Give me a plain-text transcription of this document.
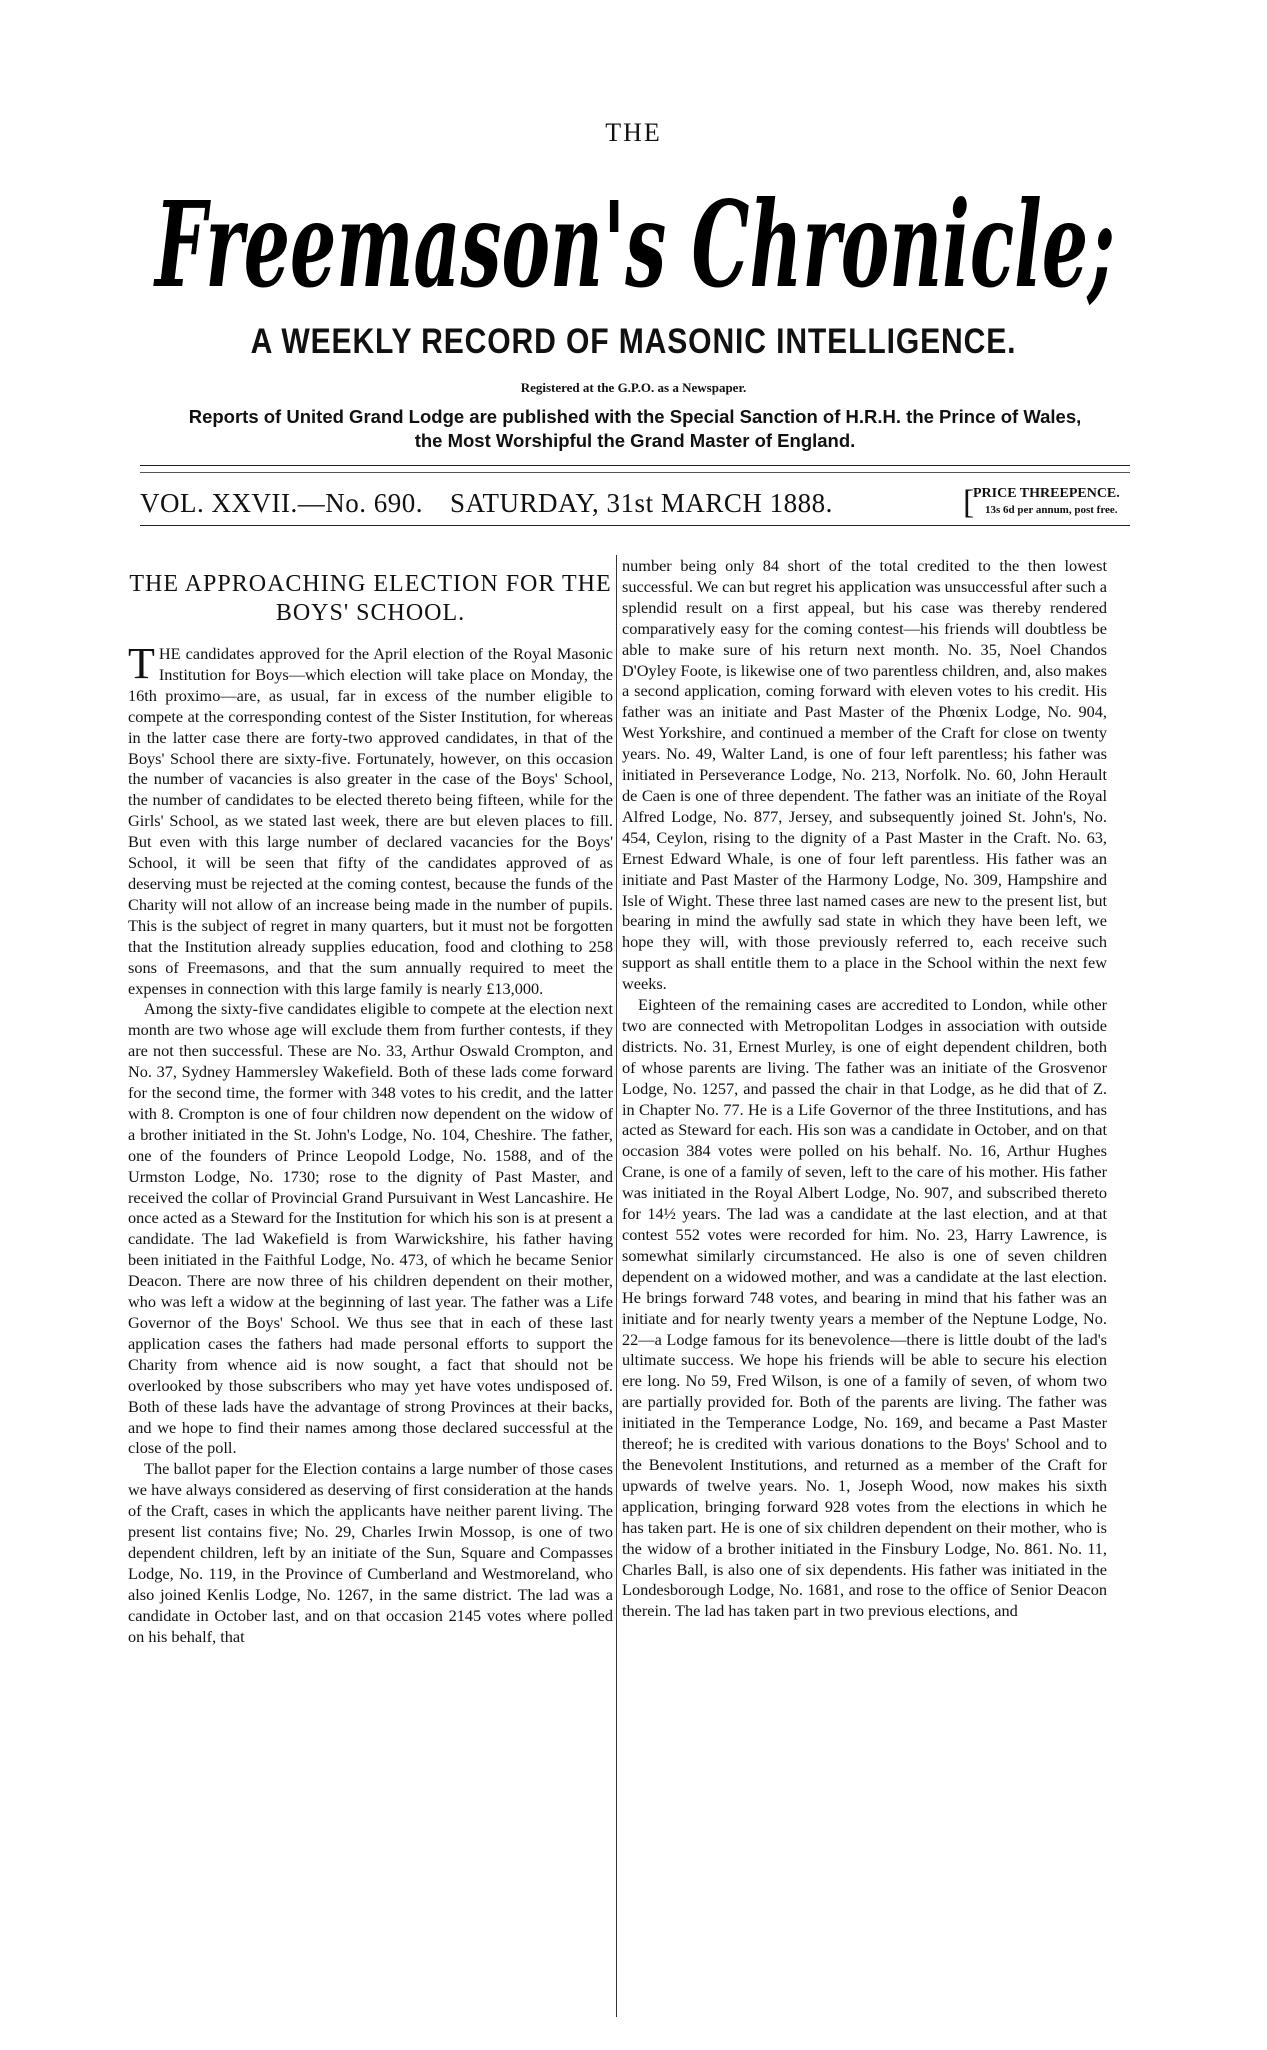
THE
Freemason's Chronicle;
A WEEKLY RECORD OF MASONIC INTELLIGENCE.
Registered at the G.P.O. as a Newspaper.
Reports of United Grand Lodge are published with the Special Sanction of H.R.H. the Prince of Wales,
the Most Worshipful the Grand Master of England.
VOL. XXVII.—No. 690. SATURDAY, 31st MARCH 1888.	[
PRICE THREEPENCE.
13s 6d per annum, post free.
THE APPROACHING ELECTION FOR THE BOYS' SCHOOL.

THE candidates approved for the April election of the Royal Masonic Institution for Boys—which election will take place on Monday, the 16th proximo—are, as usual, far in excess of the number eligible to compete at the corresponding contest of the Sister Institution, for whereas in the latter case there are forty-two approved candidates, in that of the Boys' School there are sixty-five. Fortunately, however, on this occasion the number of vacancies is also greater in the case of the Boys' School, the number of candidates to be elected thereto being fifteen, while for the Girls' School, as we stated last week, there are but eleven places to fill. But even with this large number of declared vacancies for the Boys' School, it will be seen that fifty of the candidates approved of as deserving must be rejected at the coming contest, because the funds of the Charity will not allow of an increase being made in the number of pupils. This is the subject of regret in many quarters, but it must not be forgotten that the Institution already supplies education, food and clothing to 258 sons of Freemasons, and that the sum annually required to meet the expenses in connection with this large family is nearly £13,000.

Among the sixty-five candidates eligible to compete at the election next month are two whose age will exclude them from further contests, if they are not then successful. These are No. 33, Arthur Oswald Crompton, and No. 37, Sydney Hammersley Wakefield. Both of these lads come forward for the second time, the former with 348 votes to his credit, and the latter with 8. Crompton is one of four children now dependent on the widow of a brother initiated in the St. John's Lodge, No. 104, Cheshire. The father, one of the founders of Prince Leopold Lodge, No. 1588, and of the Urmston Lodge, No. 1730; rose to the dignity of Past Master, and received the collar of Provincial Grand Pursuivant in West Lancashire. He once acted as a Steward for the Institution for which his son is at present a candidate. The lad Wakefield is from Warwickshire, his father having been initiated in the Faithful Lodge, No. 473, of which he became Senior Deacon. There are now three of his children dependent on their mother, who was left a widow at the beginning of last year. The father was a Life Governor of the Boys' School. We thus see that in each of these last application cases the fathers had made personal efforts to support the Charity from whence aid is now sought, a fact that should not be overlooked by those subscribers who may yet have votes undisposed of. Both of these lads have the advantage of strong Provinces at their backs, and we hope to find their names among those declared successful at the close of the poll.

The ballot paper for the Election contains a large number of those cases we have always considered as deserving of first consideration at the hands of the Craft, cases in which the applicants have neither parent living. The present list contains five; No. 29, Charles Irwin Mossop, is one of two dependent children, left by an initiate of the Sun, Square and Compasses Lodge, No. 119, in the Province of Cumberland and Westmoreland, who also joined Kenlis Lodge, No. 1267, in the same district. The lad was a candidate in October last, and on that occasion 2145 votes where polled on his behalf, that

number being only 84 short of the total credited to the then lowest successful. We can but regret his application was unsuccessful after such a splendid result on a first appeal, but his case was thereby rendered comparatively easy for the coming contest—his friends will doubtless be able to make sure of his return next month. No. 35, Noel Chandos D'Oyley Foote, is likewise one of two parentless children, and, also makes a second application, coming forward with eleven votes to his credit. His father was an initiate and Past Master of the Phœnix Lodge, No. 904, West Yorkshire, and continued a member of the Craft for close on twenty years. No. 49, Walter Land, is one of four left parentless; his father was initiated in Perseverance Lodge, No. 213, Norfolk. No. 60, John Herault de Caen is one of three dependent. The father was an initiate of the Royal Alfred Lodge, No. 877, Jersey, and subsequently joined St. John's, No. 454, Ceylon, rising to the dignity of a Past Master in the Craft. No. 63, Ernest Edward Whale, is one of four left parentless. His father was an initiate and Past Master of the Harmony Lodge, No. 309, Hampshire and Isle of Wight. These three last named cases are new to the present list, but bearing in mind the awfully sad state in which they have been left, we hope they will, with those previously referred to, each receive such support as shall entitle them to a place in the School within the next few weeks.

Eighteen of the remaining cases are accredited to London, while other two are connected with Metropolitan Lodges in association with outside districts. No. 31, Ernest Murley, is one of eight dependent children, both of whose parents are living. The father was an initiate of the Grosvenor Lodge, No. 1257, and passed the chair in that Lodge, as he did that of Z. in Chapter No. 77. He is a Life Governor of the three Institutions, and has acted as Steward for each. His son was a candidate in October, and on that occasion 384 votes were polled on his behalf. No. 16, Arthur Hughes Crane, is one of a family of seven, left to the care of his mother. His father was initiated in the Royal Albert Lodge, No. 907, and subscribed thereto for 14½ years. The lad was a candidate at the last election, and at that contest 552 votes were recorded for him. No. 23, Harry Lawrence, is somewhat similarly circumstanced. He also is one of seven children dependent on a widowed mother, and was a candidate at the last election. He brings forward 748 votes, and bearing in mind that his father was an initiate and for nearly twenty years a member of the Neptune Lodge, No. 22—a Lodge famous for its benevolence—there is little doubt of the lad's ultimate success. We hope his friends will be able to secure his election ere long. No 59, Fred Wilson, is one of a family of seven, of whom two are partially provided for. Both of the parents are living. The father was initiated in the Temperance Lodge, No. 169, and became a Past Master thereof; he is credited with various donations to the Boys' School and to the Benevolent Institutions, and returned as a member of the Craft for upwards of twelve years. No. 1, Joseph Wood, now makes his sixth application, bringing forward 928 votes from the elections in which he has taken part. He is one of six children dependent on their mother, who is the widow of a brother initiated in the Finsbury Lodge, No. 861. No. 11, Charles Ball, is also one of six dependents. His father was initiated in the Londesborough Lodge, No. 1681, and rose to the office of Senior Deacon therein. The lad has taken part in two previous elections, and
